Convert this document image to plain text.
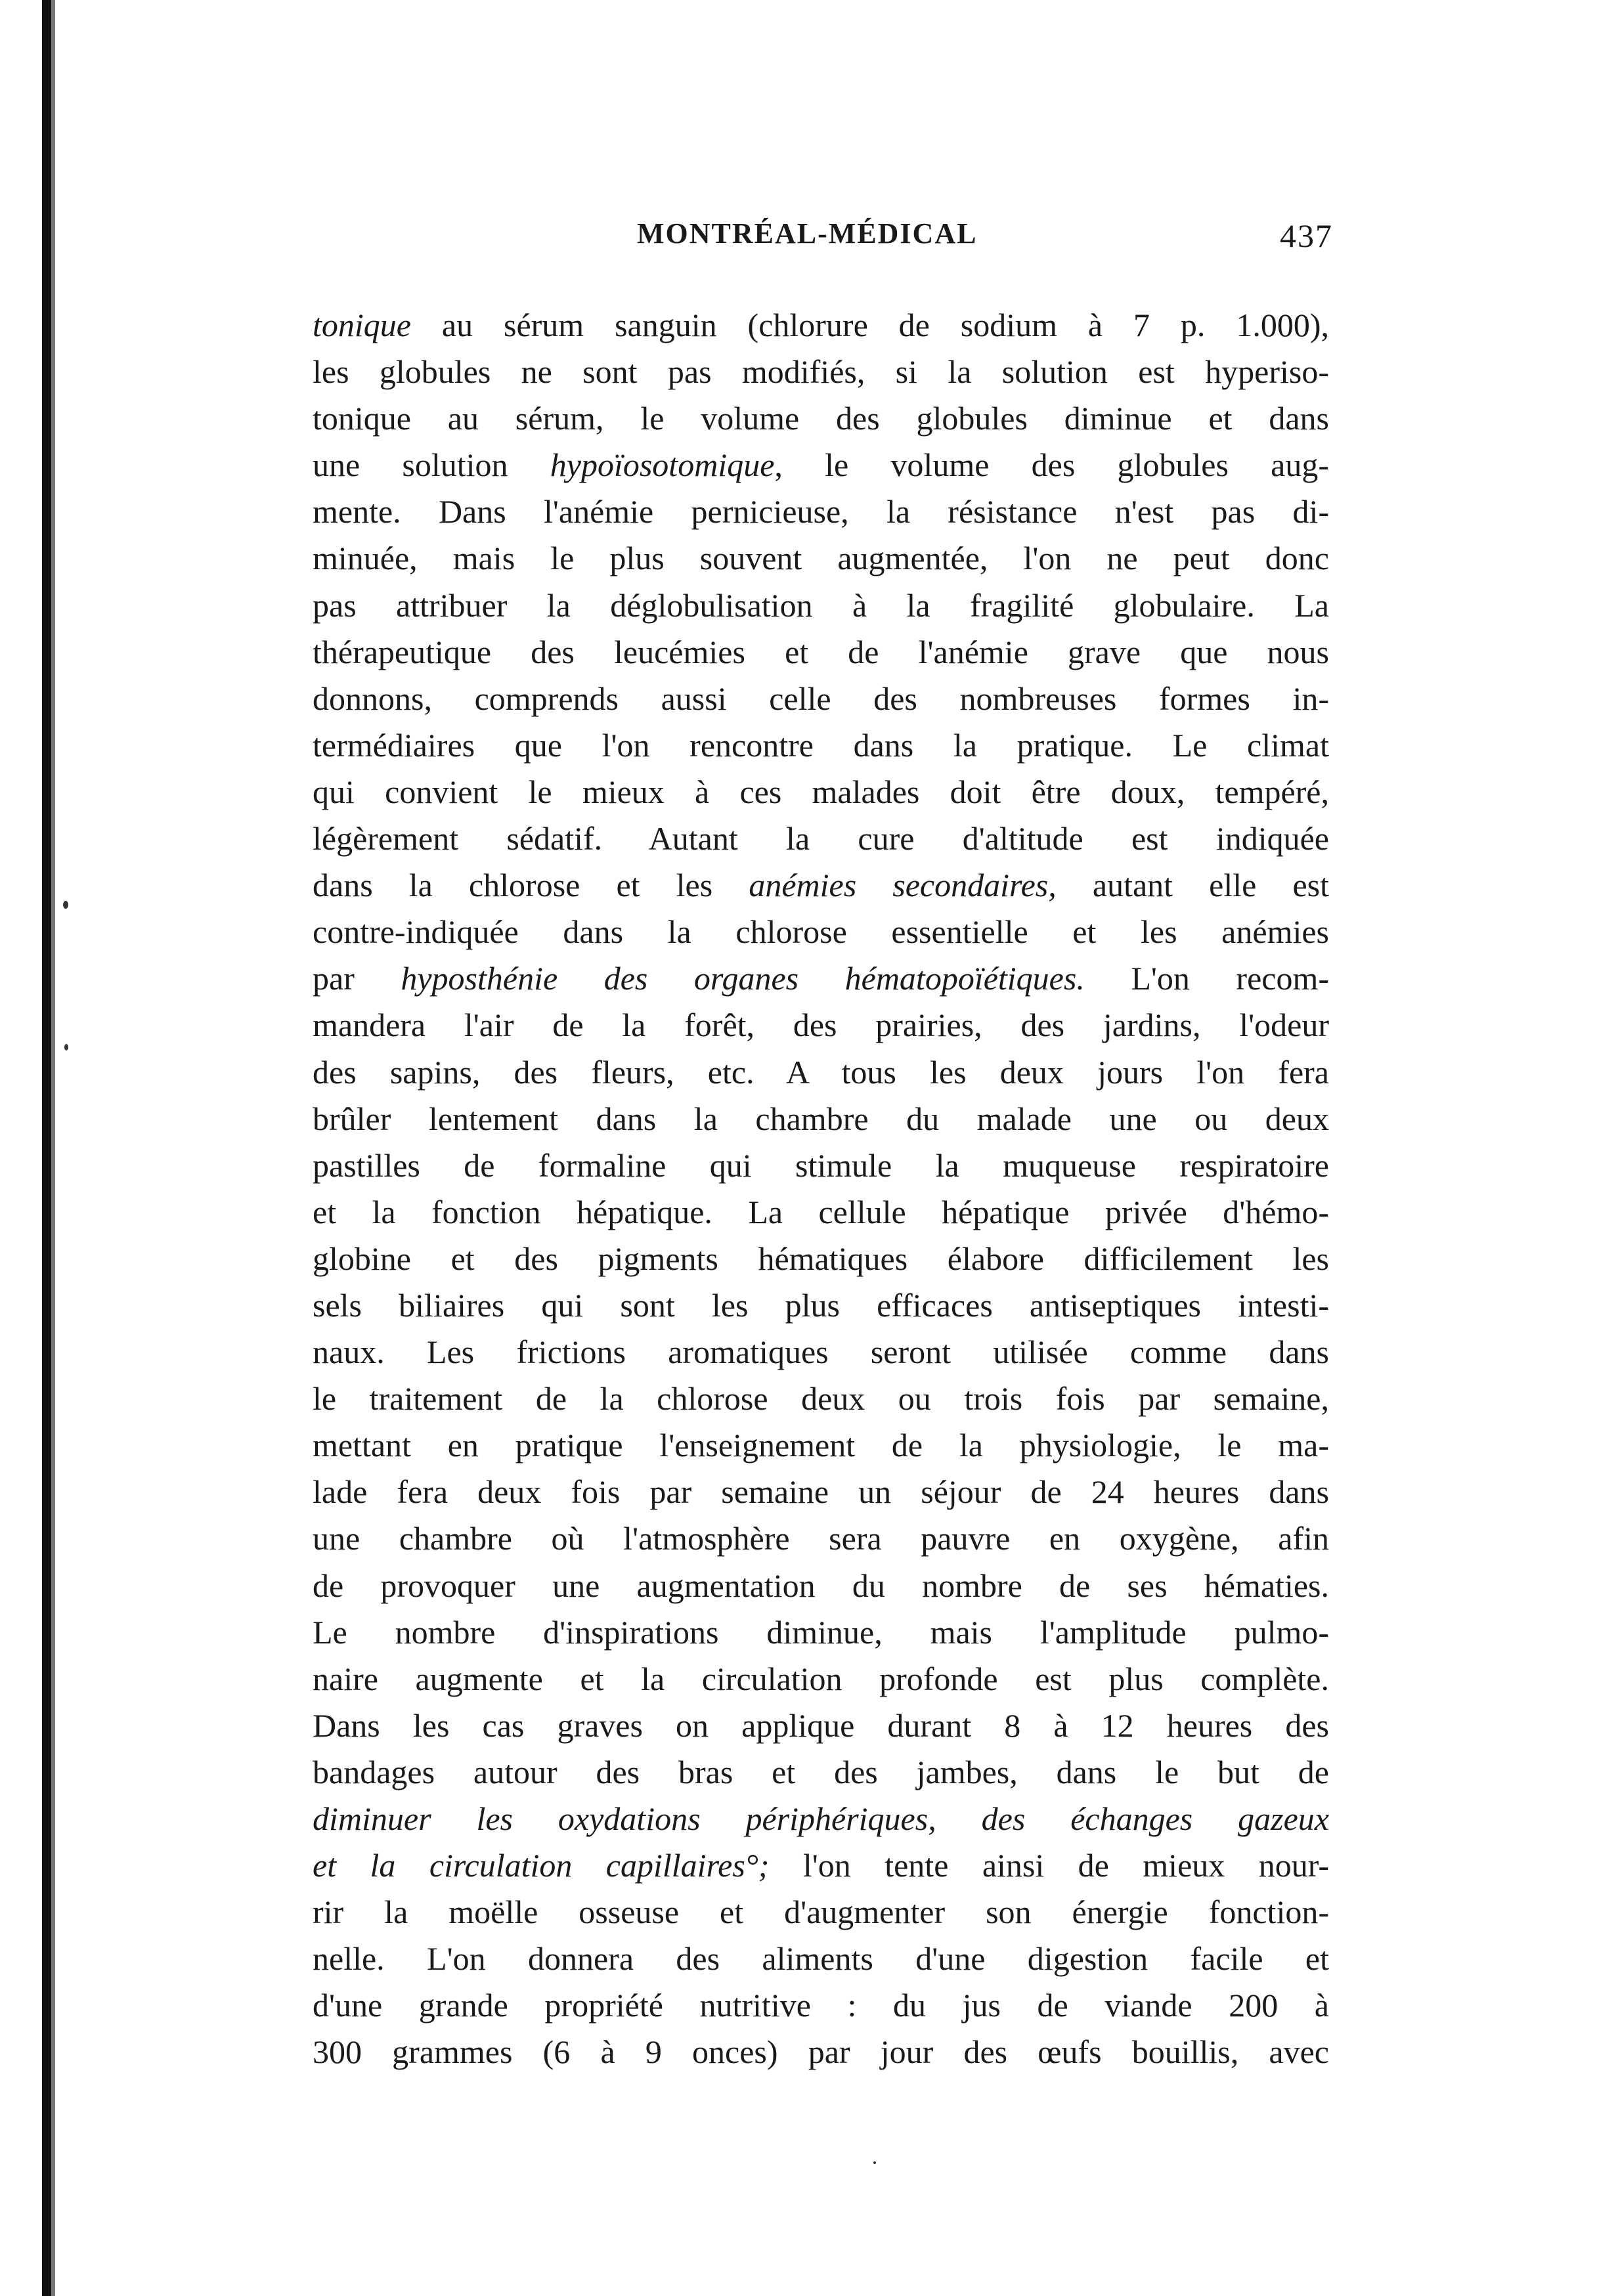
MONTRÉAL-MÉDICAL	437
tonique au sérum sanguin (chlorure de sodium à 7 p. 1.000),
les globules ne sont pas modifiés, si la solution est hyperiso-
tonique au sérum, le volume des globules diminue et dans
une solution hypoïosotomique, le volume des globules aug-
mente. Dans l'anémie pernicieuse, la résistance n'est pas di-
minuée, mais le plus souvent augmentée, l'on ne peut donc
pas attribuer la déglobulisation à la fragilité globulaire. La
thérapeutique des leucémies et de l'anémie grave que nous
donnons, comprends aussi celle des nombreuses formes in-
termédiaires que l'on rencontre dans la pratique. Le climat
qui convient le mieux à ces malades doit être doux, tempéré,
légèrement sédatif. Autant la cure d'altitude est indiquée
dans la chlorose et les anémies secondaires, autant elle est
contre-indiquée dans la chlorose essentielle et les anémies
par hyposthénie des organes hématopoïétiques. L'on recom-
mandera l'air de la forêt, des prairies, des jardins, l'odeur
des sapins, des fleurs, etc. A tous les deux jours l'on fera
brûler lentement dans la chambre du malade une ou deux
pastilles de formaline qui stimule la muqueuse respiratoire
et la fonction hépatique. La cellule hépatique privée d'hémo-
globine et des pigments hématiques élabore difficilement les
sels biliaires qui sont les plus efficaces antiseptiques intesti-
naux. Les frictions aromatiques seront utilisée comme dans
le traitement de la chlorose deux ou trois fois par semaine,
mettant en pratique l'enseignement de la physiologie, le ma-
lade fera deux fois par semaine un séjour de 24 heures dans
une chambre où l'atmosphère sera pauvre en oxygène, afin
de provoquer une augmentation du nombre de ses hématies.
Le nombre d'inspirations diminue, mais l'amplitude pulmo-
naire augmente et la circulation profonde est plus complète.
Dans les cas graves on applique durant 8 à 12 heures des
bandages autour des bras et des jambes, dans le but de
diminuer les oxydations périphériques, des échanges gazeux
et la circulation capillaires°; l'on tente ainsi de mieux nour-
rir la moëlle osseuse et d'augmenter son énergie fonction-
nelle. L'on donnera des aliments d'une digestion facile et
d'une grande propriété nutritive : du jus de viande 200 à
300 grammes (6 à 9 onces) par jour des œufs bouillis, avec
